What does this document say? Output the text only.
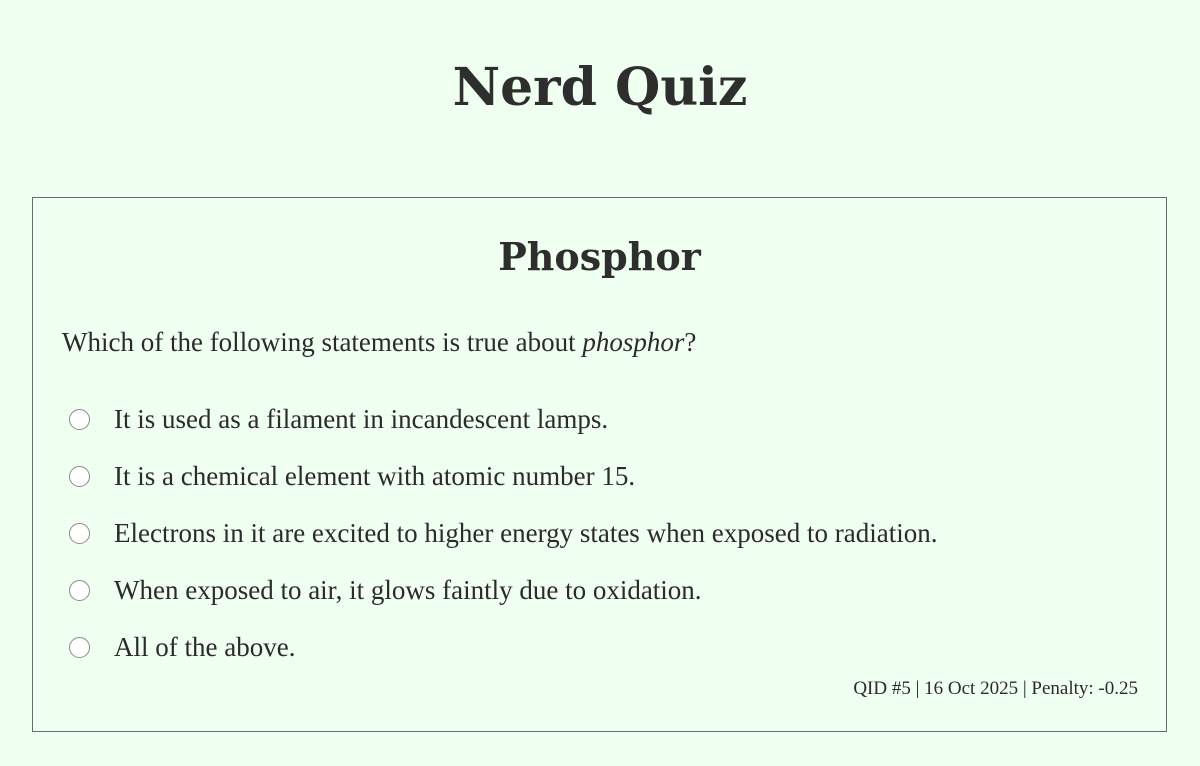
Nerd Quiz
Phosphor

Which of the following statements is true about phosphor?

It is used as a filament in incandescent lamps.
It is a chemical element with atomic number 15.
Electrons in it are excited to higher energy states when exposed to radiation.
When exposed to air, it glows faintly due to oxidation.
All of the above.
QID #5 | 16 Oct 2025 | Penalty: -0.25
